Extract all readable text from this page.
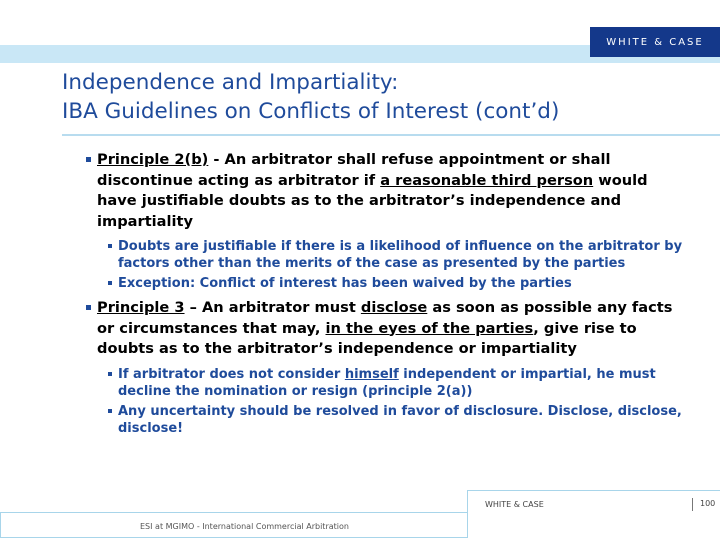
WHITE & CASE
Independence and Impartiality:
IBA Guidelines on Conflicts of Interest (cont’d)
Principle 2(b) - An arbitrator shall refuse appointment or shall discontinue acting as arbitrator if a reasonable third person would have justifiable doubts as to the arbitrator’s independence and impartiality
Doubts are justifiable if there is a likelihood of influence on the arbitrator by factors other than the merits of the case as presented by the parties
Exception: Conflict of interest has been waived by the parties
Principle 3 – An arbitrator must disclose as soon as possible any facts or circumstances that may, in the eyes of the parties, give rise to doubts as to the arbitrator’s independence or impartiality
If arbitrator does not consider himself independent or impartial, he must decline the nomination or resign (principle 2(a))
Any uncertainty should be resolved in favor of disclosure. Disclose, disclose, disclose!
WHITE & CASE	100
ESI at MGIMO - International Commercial Arbitration
